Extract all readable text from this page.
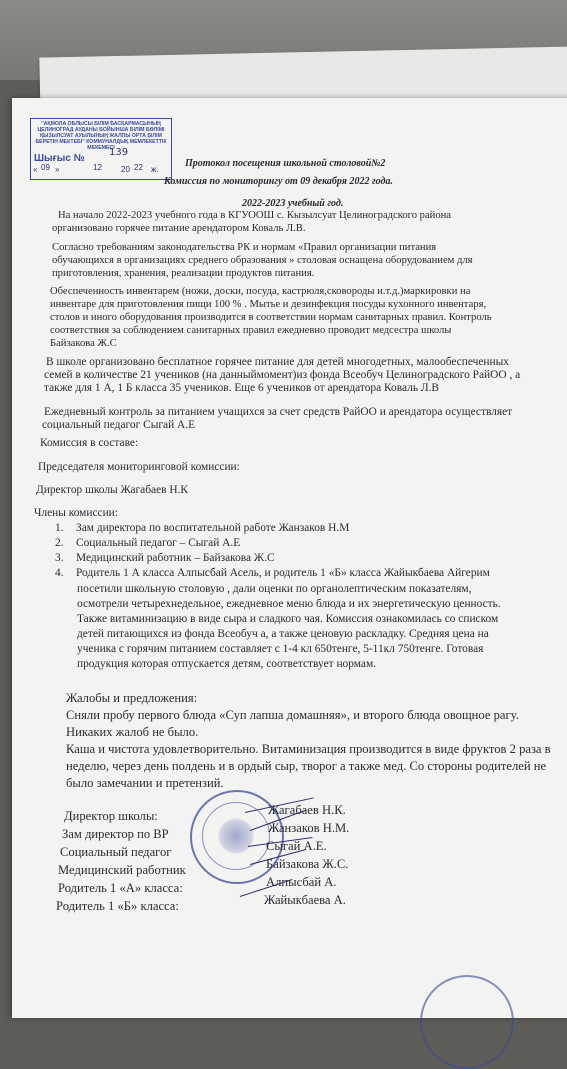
"АҚМОЛА ОБЛЫСЫ БІЛІМ БАСҚАРМАСЫНЫҢ ЦЕЛИНОГРАД АУДАНЫ БОЙЫНША БІЛІМ БӨЛІМІ ҚЫЗЫЛСУАТ АУЫЛЫНЫҢ ЖАЛПЫ ОРТА БІЛІМ БЕРЕТІН МЕКТЕБІ" КОММУНАЛДЫҚ МЕМЛЕКЕТТІК МЕКЕМЕСІ
Шығыс №
139
« 09 »	12 20 22 ж.
Протокол посещения школьной столовой№2
Комиссия по мониторингу от 09 декабря 2022 года.
2022-2023 учебный год.
На начало 2022-2023 учебного года в КГУООШ с. Кызылсуат Целиноградского района
организовано горячее питание арендатором Коваль Л.В.
Согласно требованиям законодательства РК и нормам «Правил организации питания
обучающихся в организациях среднего образования » столовая оснащена оборудованием для
приготовления, хранения, реализации продуктов питания.
Обеспеченность инвентарем (ножи, доски, посуда, кастрюля,сковороды и.т.д.)маркировки на
инвентаре для приготовления пищи 100 % . Мытье и дезинфекция посуды кухонного инвентаря,
столов и иного оборудования производится в соответствии нормам санитарных правил. Контроль
соответствия за соблюдением санитарных правил ежедневно проводит медсестра школы
Байзакова Ж.С
В школе организовано бесплатное горячее питание для детей многодетных, малообеспеченных
семей в количестве 21 учеников (на данныймомент)из фонда Всеобуч Целиноградского РайОО , а
также для 1 А, 1 Б класса 35 учеников. Еще 6 учеников от арендатора Коваль Л.В
Ежедневный контроль за питанием учащихся за счет средств РайОО и арендатора осуществляет
социальный педагог Сыгай А.Е
Комиссия в составе:
Председателя мониторинговой комиссии:
Директор школы Жагабаев Н.К
Члены комиссии:
1. Зам директора по воспитательной работе Жанзаков Н.М
2. Социальный педагог – Сыгай А.Е
3. Медицинский работник – Байзакова Ж.С
4. Родитель 1 А класса Алпысбай Асель, и родитель 1 «Б» класса Жайыкбаева Айгерим
посетили школьную столовую , дали оценки по органолептическим показателям,
осмотрели четырехнедельное, ежедневное меню блюда и их энергетическую ценность.
Также витаминизацию в виде сыра и сладкого чая. Комиссия ознакомилась со списком
детей питающихся из фонда Всеобуч а, а также ценовую раскладку. Средняя цена на
ученика с горячим питанием составляет с 1-4 кл 650тенге, 5-11кл 750тенге. Готовая
продукция которая отпускается детям, соответствует нормам.
Жалобы и предложения:
Сняли пробу первого блюда «Суп лапша домашняя», и второго блюда овощное рагу.
Никаких жалоб не было.
Каша и чистота удовлетворительно. Витаминизация производится в виде фруктов 2 раза в
неделю, через день полдень и в ордый сыр, творог а также мед. Со стороны родителей не
было замечании и претензий.
Директор школы:	Жагабаев Н.К.
Зам директор по ВР	Жанзаков Н.М.
Социальный педагог	Сыгай А.Е.
Медицинский работник	Байзакова Ж.С.
Родитель 1 «А» класса:	Алпысбай А.
Родитель 1 «Б» класса:	Жайыкбаева А.
